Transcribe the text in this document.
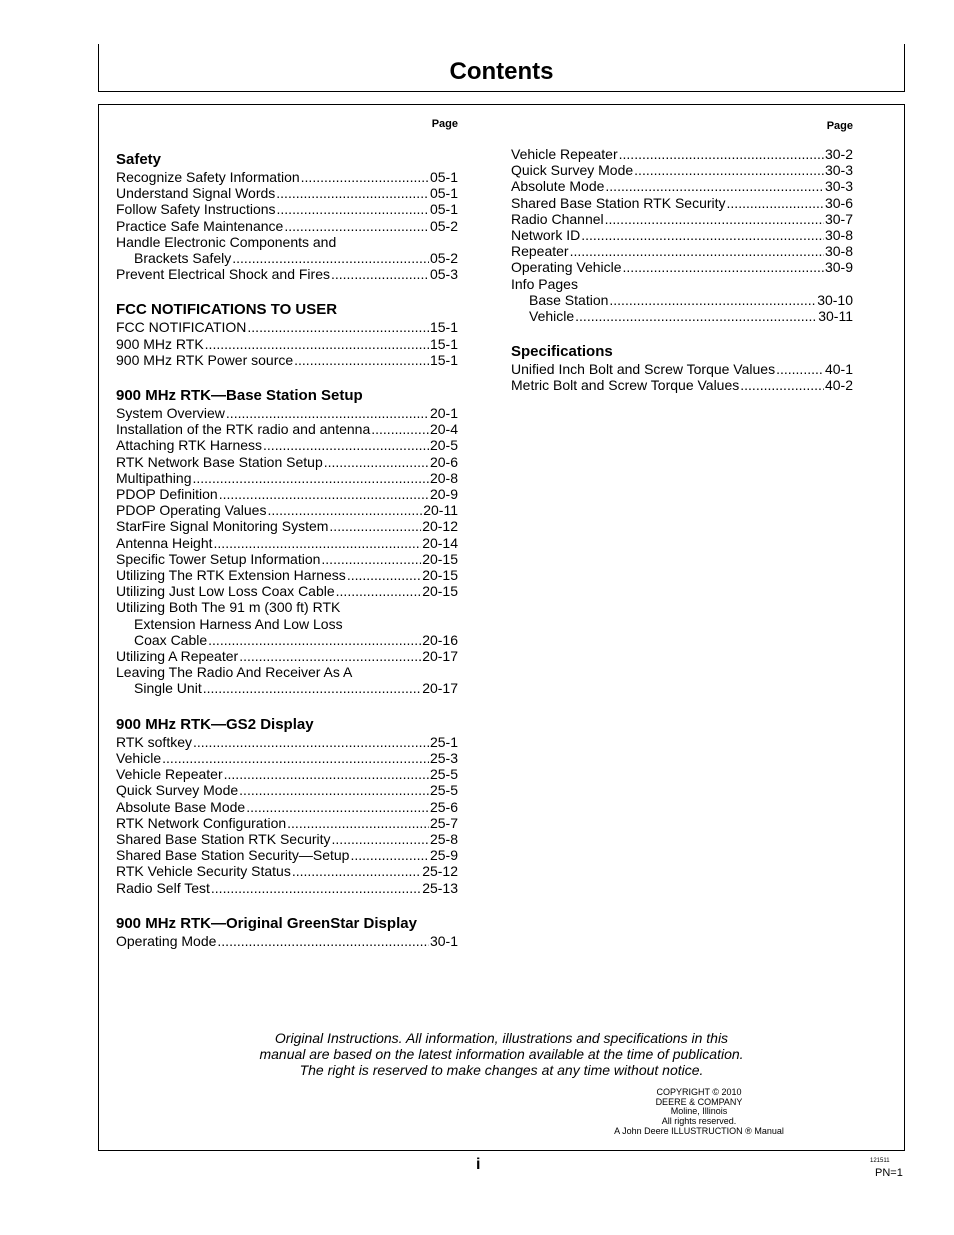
Contents
Page
Safety
Recognize Safety Information .....	05-1
Understand Signal Words .....	05-1
Follow Safety Instructions .....	05-1
Practice Safe Maintenance .....	05-2
Handle Electronic Components and
Brackets Safely .....	05-2
Prevent Electrical Shock and Fires .....	05-3
FCC NOTIFICATIONS TO USER
FCC NOTIFICATION .....	15-1
900 MHz RTK .....	15-1
900 MHz RTK Power source .....	15-1
900 MHz RTK—Base Station Setup
System Overview .....	20-1
Installation of the RTK radio and antenna .....	20-4
Attaching RTK Harness .....	20-5
RTK Network Base Station Setup .....	20-6
Multipathing .....	20-8
PDOP Definition .....	20-9
PDOP Operating Values .....	20-11
StarFire Signal Monitoring System .....	20-12
Antenna Height .....	20-14
Specific Tower Setup Information .....	20-15
Utilizing The RTK Extension Harness .....	20-15
Utilizing Just Low Loss Coax Cable .....	20-15
Utilizing Both The 91 m (300 ft) RTK
Extension Harness And Low Loss
Coax Cable .....	20-16
Utilizing A Repeater .....	20-17
Leaving The Radio And Receiver As A
Single Unit .....	20-17
900 MHz RTK—GS2 Display
RTK softkey .....	25-1
Vehicle .....	25-3
Vehicle Repeater .....	25-5
Quick Survey Mode .....	25-5
Absolute Base Mode .....	25-6
RTK Network Configuration .....	25-7
Shared Base Station RTK Security .....	25-8
Shared Base Station Security—Setup .....	25-9
RTK Vehicle Security Status .....	25-12
Radio Self Test .....	25-13
900 MHz RTK—Original GreenStar Display
Operating Mode .....	30-1
Page
Vehicle Repeater .....	30-2
Quick Survey Mode .....	30-3
Absolute Mode .....	30-3
Shared Base Station RTK Security .....	30-6
Radio Channel .....	30-7
Network ID .....	30-8
Repeater .....	30-8
Operating Vehicle .....	30-9
Info Pages
Base Station .....	30-10
Vehicle .....	30-11
Specifications
Unified Inch Bolt and Screw Torque Values .....	40-1
Metric Bolt and Screw Torque Values .....	40-2
Original Instructions. All information, illustrations and specifications in this
manual are based on the latest information available at the time of publication.
The right is reserved to make changes at any time without notice.
COPYRIGHT © 2010
DEERE & COMPANY
Moline, Illinois
All rights reserved.
A John Deere ILLUSTRUCTION ® Manual
i	121511
PN=1
